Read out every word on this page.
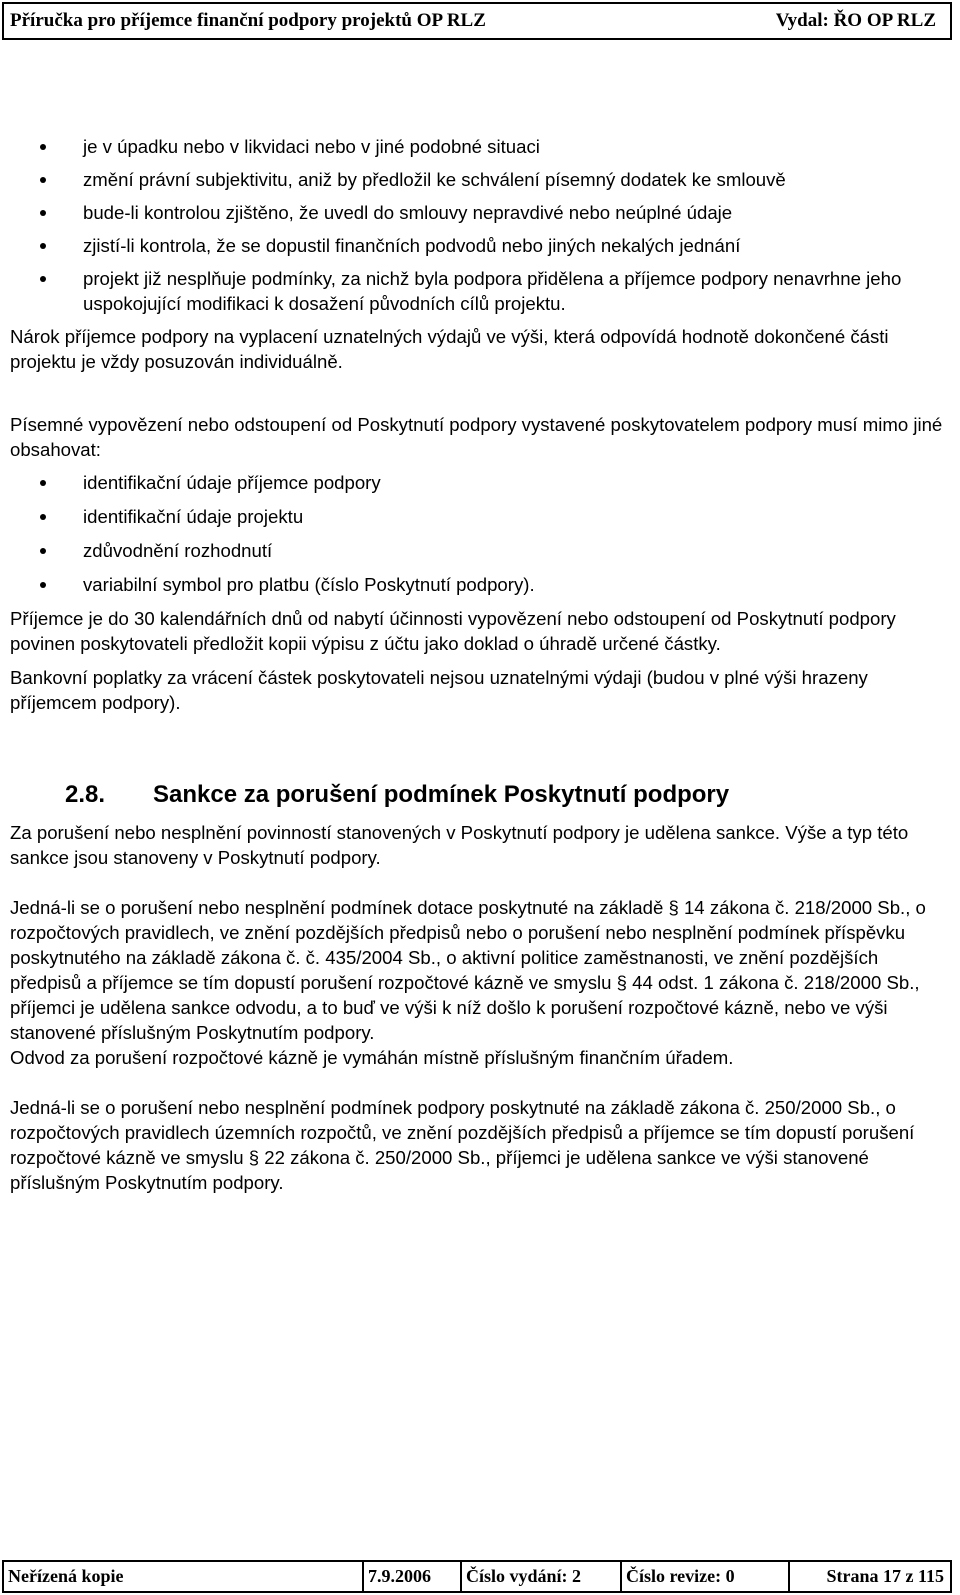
Příručka pro příjemce finanční podpory projektů OP RLZ	Vydal: ŘO OP RLZ
je v úpadku nebo v likvidaci nebo v jiné podobné situaci
změní právní subjektivitu, aniž by předložil ke schválení písemný dodatek ke smlouvě
bude-li kontrolou zjištěno, že uvedl do smlouvy nepravdivé nebo neúplné údaje
zjistí-li kontrola, že se dopustil finančních podvodů nebo jiných nekalých jednání
projekt již nesplňuje podmínky, za nichž byla podpora přidělena a příjemce podpory nenavrhne jeho uspokojující modifikaci k dosažení původních cílů projektu.

Nárok příjemce podpory na vyplacení uznatelných výdajů ve výši, která odpovídá hodnotě dokončené části projektu je vždy posuzován individuálně.

Písemné vypovězení nebo odstoupení od Poskytnutí podpory vystavené poskytovatelem podpory musí mimo jiné obsahovat:

identifikační údaje příjemce podpory
identifikační údaje projektu
zdůvodnění rozhodnutí
variabilní symbol pro platbu (číslo Poskytnutí podpory).

Příjemce je do 30 kalendářních dnů od nabytí účinnosti vypovězení nebo odstoupení od Poskytnutí podpory povinen poskytovateli předložit kopii výpisu z účtu jako doklad o úhradě určené částky.

Bankovní poplatky za vrácení částek poskytovateli nejsou uznatelnými výdaji (budou v plné výši hrazeny příjemcem podpory).

2.8. Sankce za porušení podmínek Poskytnutí podpory

Za porušení nebo nesplnění povinností stanovených v Poskytnutí podpory je udělena sankce. Výše a typ této sankce jsou stanoveny v Poskytnutí podpory.

Jedná-li se o porušení nebo nesplnění podmínek dotace poskytnuté na základě § 14 zákona č. 218/2000 Sb., o rozpočtových pravidlech, ve znění pozdějších předpisů nebo o porušení nebo nesplnění podmínek příspěvku poskytnutého na základě zákona č. č. 435/2004 Sb., o aktivní politice zaměstnanosti, ve znění pozdějších předpisů a příjemce se tím dopustí porušení rozpočtové kázně ve smyslu § 44 odst. 1 zákona č. 218/2000 Sb., příjemci je udělena sankce odvodu, a to buď ve výši k níž došlo k porušení rozpočtové kázně, nebo ve výši stanovené příslušným Poskytnutím podpory.

Odvod za porušení rozpočtové kázně je vymáhán místně příslušným finančním úřadem.

Jedná-li se o porušení nebo nesplnění podmínek podpory poskytnuté na základě zákona č. 250/2000 Sb., o rozpočtových pravidlech územních rozpočtů, ve znění pozdějších předpisů a příjemce se tím dopustí porušení rozpočtové kázně ve smyslu § 22 zákona č. 250/2000 Sb., příjemci je udělena sankce ve výši stanovené příslušným Poskytnutím podpory.

Neřízená kopie	7.9.2006	Číslo vydání: 2	Číslo revize: 0	Strana 17 z 115
